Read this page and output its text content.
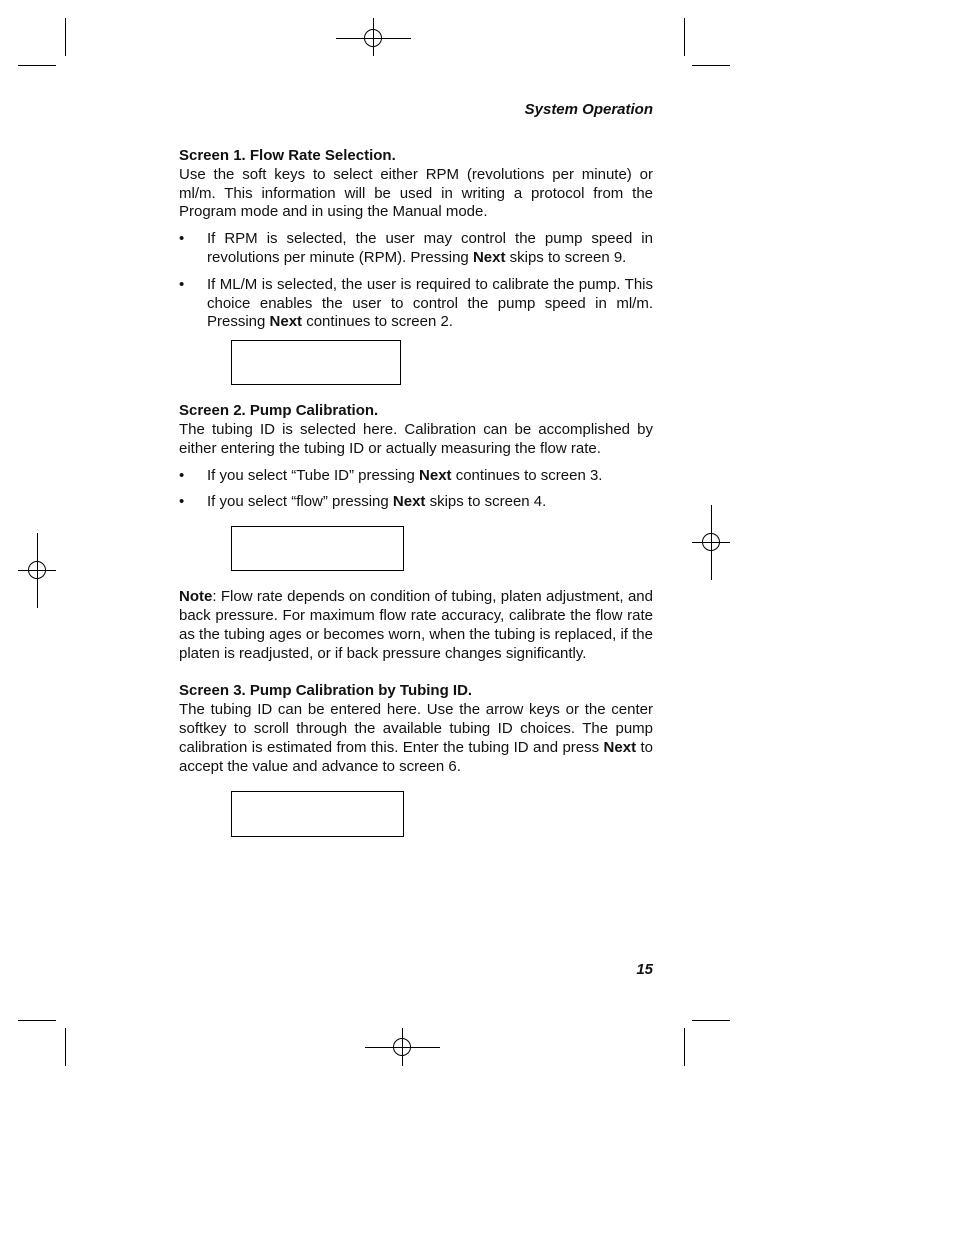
System Operation

Screen 1. Flow Rate Selection.

Use the soft keys to select either RPM (revolutions per minute) or ml/m. This information will be used in writing a protocol from the Program mode and in using the Manual mode.

• If RPM is selected, the user may control the pump speed in revolutions per minute (RPM). Pressing Next skips to screen 9.
• If ML/M is selected, the user is required to calibrate the pump. This choice enables the user to control the pump speed in ml/m. Pressing Next continues to screen 2.

Screen 2. Pump Calibration.

The tubing ID is selected here. Calibration can be accomplished by either entering the tubing ID or actually measuring the flow rate.

• If you select “Tube ID” pressing Next continues to screen 3.
• If you select “flow” pressing Next skips to screen 4.

Note: Flow rate depends on condition of tubing, platen adjustment, and back pressure. For maximum flow rate accuracy, calibrate the flow rate as the tubing ages or becomes worn, when the tubing is replaced, if the platen is readjusted, or if back pressure changes significantly.

Screen 3. Pump Calibration by Tubing ID.

The tubing ID can be entered here. Use the arrow keys or the center softkey to scroll through the available tubing ID choices. The pump calibration is estimated from this. Enter the tubing ID and press Next to accept the value and advance to screen 6.

15
